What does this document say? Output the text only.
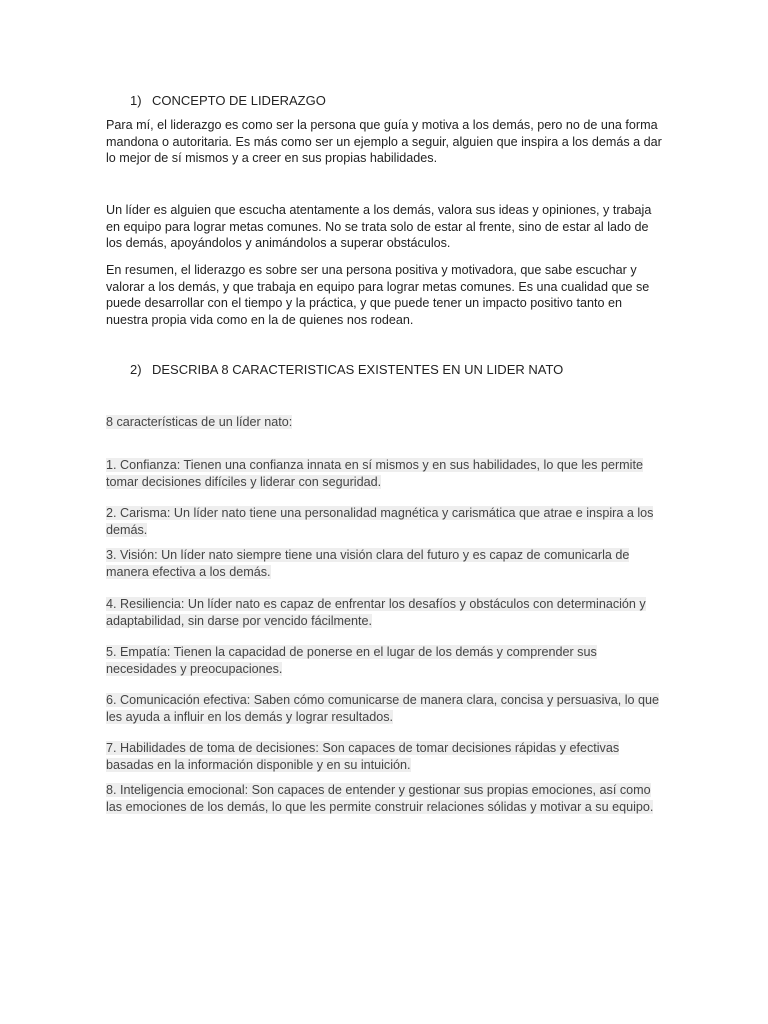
1) CONCEPTO DE LIDERAZGO
Para mí, el liderazgo es como ser la persona que guía y motiva a los demás, pero no de una forma mandona o autoritaria. Es más como ser un ejemplo a seguir, alguien que inspira a los demás a dar lo mejor de sí mismos y a creer en sus propias habilidades.
Un líder es alguien que escucha atentamente a los demás, valora sus ideas y opiniones, y trabaja en equipo para lograr metas comunes. No se trata solo de estar al frente, sino de estar al lado de los demás, apoyándolos y animándolos a superar obstáculos.
En resumen, el liderazgo es sobre ser una persona positiva y motivadora, que sabe escuchar y valorar a los demás, y que trabaja en equipo para lograr metas comunes. Es una cualidad que se puede desarrollar con el tiempo y la práctica, y que puede tener un impacto positivo tanto en nuestra propia vida como en la de quienes nos rodean.
2) DESCRIBA 8 CARACTERISTICAS EXISTENTES EN UN LIDER NATO
8 características de un líder nato:
1. Confianza: Tienen una confianza innata en sí mismos y en sus habilidades, lo que les permite tomar decisiones difíciles y liderar con seguridad.
2. Carisma: Un líder nato tiene una personalidad magnética y carismática que atrae e inspira a los demás.
3. Visión: Un líder nato siempre tiene una visión clara del futuro y es capaz de comunicarla de manera efectiva a los demás.
4. Resiliencia: Un líder nato es capaz de enfrentar los desafíos y obstáculos con determinación y adaptabilidad, sin darse por vencido fácilmente.
5. Empatía: Tienen la capacidad de ponerse en el lugar de los demás y comprender sus necesidades y preocupaciones.
6. Comunicación efectiva: Saben cómo comunicarse de manera clara, concisa y persuasiva, lo que les ayuda a influir en los demás y lograr resultados.
7. Habilidades de toma de decisiones: Son capaces de tomar decisiones rápidas y efectivas basadas en la información disponible y en su intuición.
8. Inteligencia emocional: Son capaces de entender y gestionar sus propias emociones, así como las emociones de los demás, lo que les permite construir relaciones sólidas y motivar a su equipo.
